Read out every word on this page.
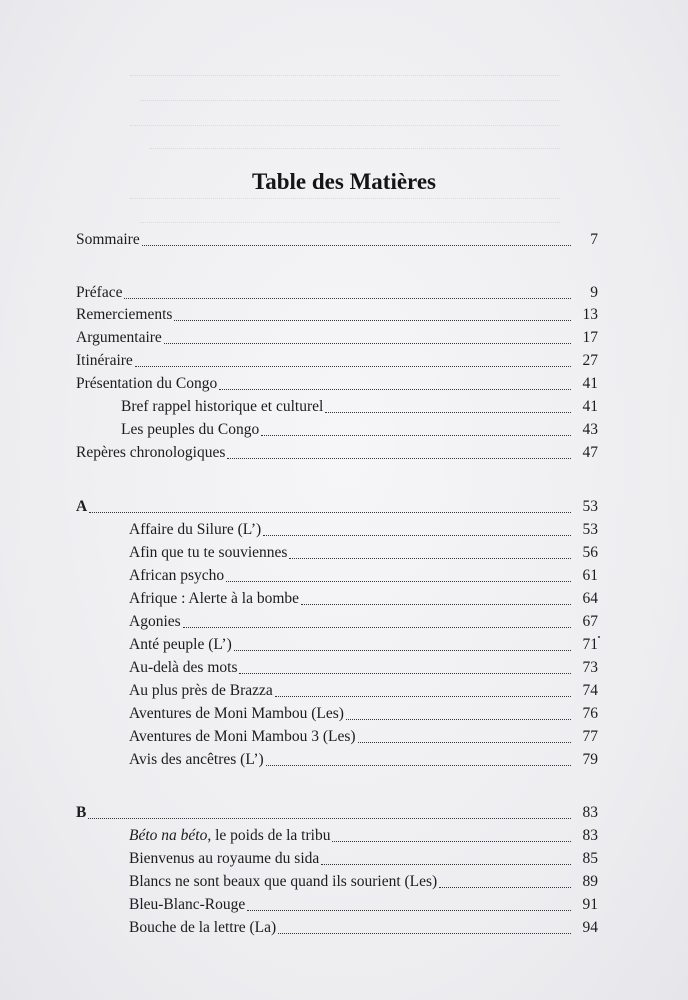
Table des Matières
Sommaire	7
Préface	9
Remerciements	13
Argumentaire	17
Itinéraire	27
Présentation du Congo	41
Bref rappel historique et culturel	41
Les peuples du Congo	43
Repères chronologiques	47
A	53
Affaire du Silure (L’)	53
Afin que tu te souviennes	56
African psycho	61
Afrique : Alerte à la bombe	64
Agonies	67
Anté peuple (L’)	71
Au-delà des mots	73
Au plus près de Brazza	74
Aventures de Moni Mambou (Les)	76
Aventures de Moni Mambou 3 (Les)	77
Avis des ancêtres (L’)	79
B	83
Béto na béto, le poids de la tribu	83
Bienvenus au royaume du sida	85
Blancs ne sont beaux que quand ils sourient (Les)	89
Bleu-Blanc-Rouge	91
Bouche de la lettre (La)	94
